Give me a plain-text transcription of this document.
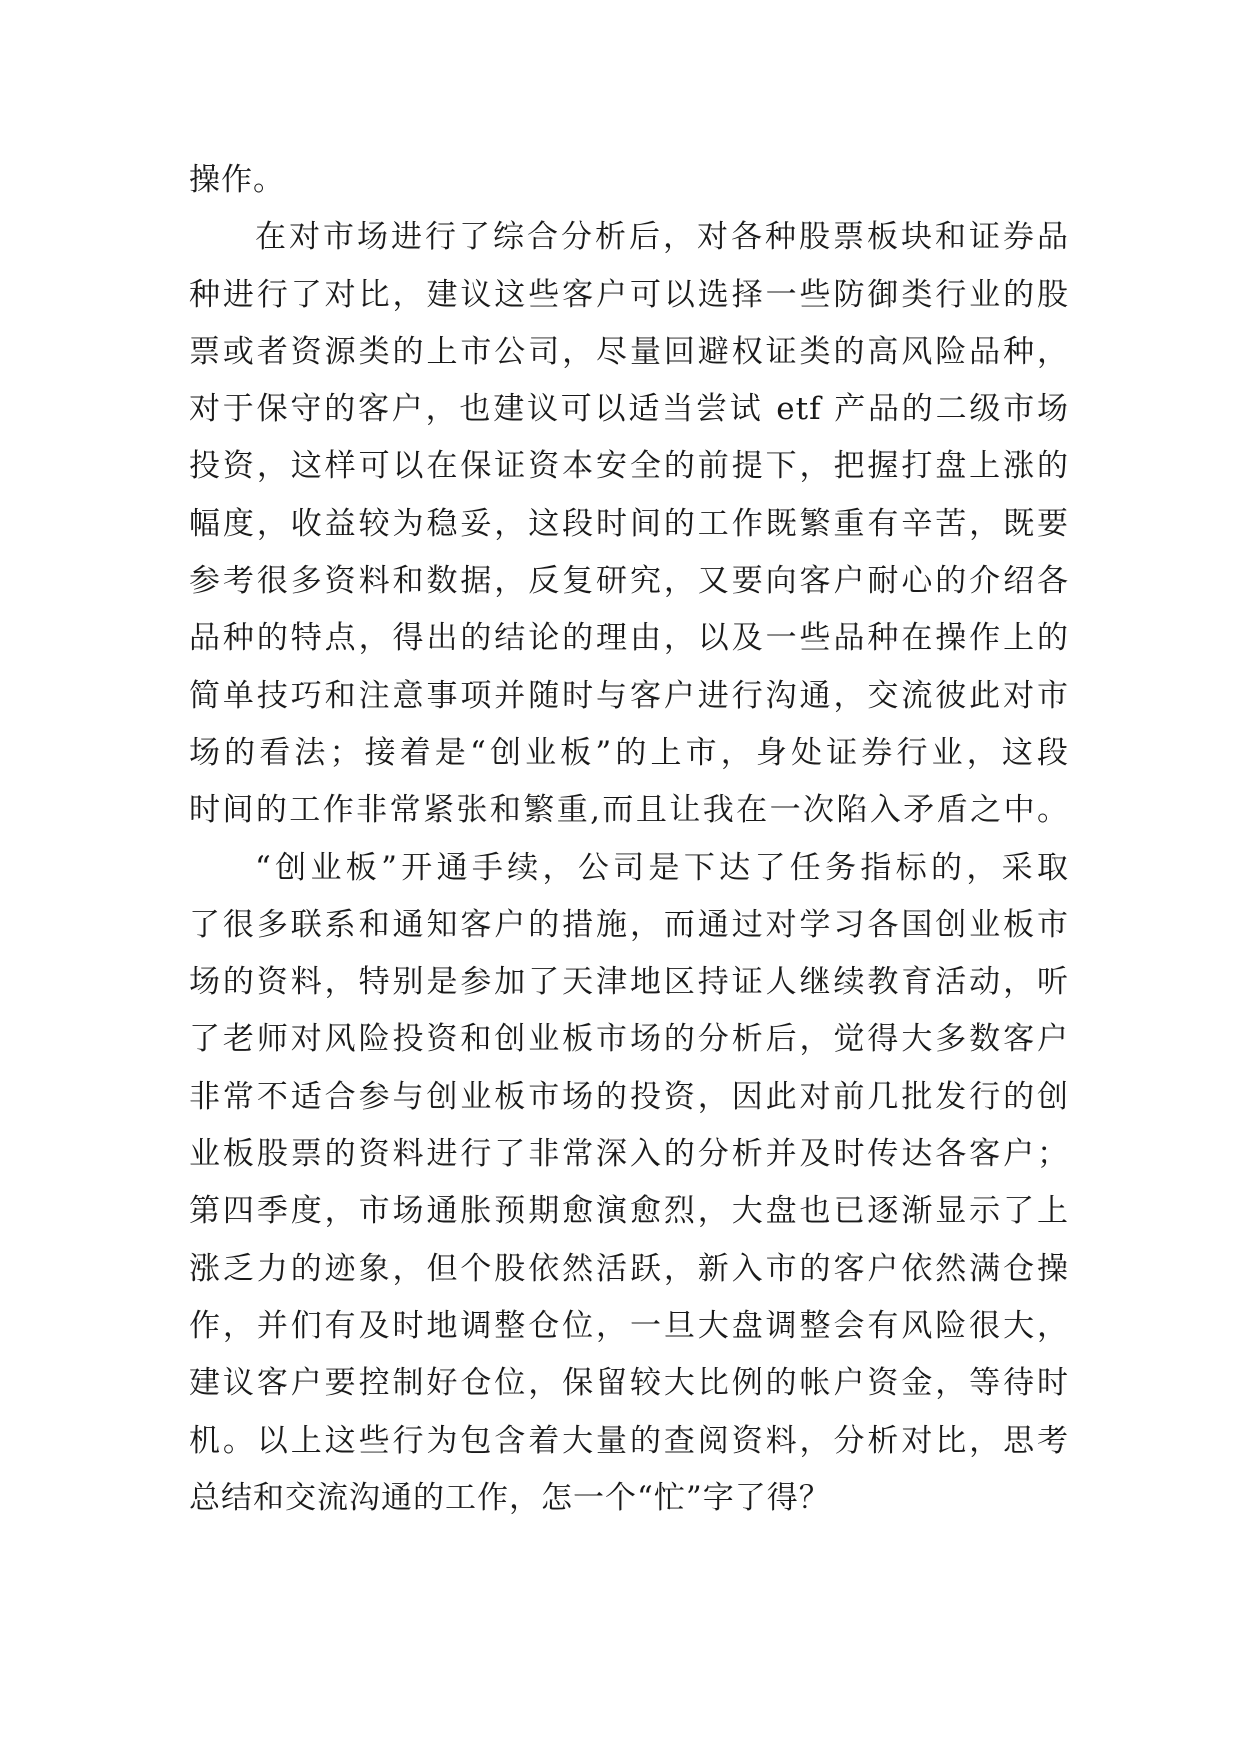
操作。
在对市场进行了综合分析后，对各种股票板块和证券品
种进行了对比，建议这些客户可以选择一些防御类行业的股
票或者资源类的上市公司，尽量回避权证类的高风险品种，
对于保守的客户，也建议可以适当尝试 etf 产品的二级市场
投资，这样可以在保证资本安全的前提下，把握打盘上涨的
幅度，收益较为稳妥，这段时间的工作既繁重有辛苦，既要
参考很多资料和数据，反复研究，又要向客户耐心的介绍各
品种的特点，得出的结论的理由，以及一些品种在操作上的
简单技巧和注意事项并随时与客户进行沟通，交流彼此对市
场的看法；接着是“创业板”的上市，身处证券行业，这段
时间的工作非常紧张和繁重,而且让我在一次陷入矛盾之中。
“创业板”开通手续，公司是下达了任务指标的，采取
了很多联系和通知客户的措施，而通过对学习各国创业板市
场的资料，特别是参加了天津地区持证人继续教育活动，听
了老师对风险投资和创业板市场的分析后，觉得大多数客户
非常不适合参与创业板市场的投资，因此对前几批发行的创
业板股票的资料进行了非常深入的分析并及时传达各客户；
第四季度，市场通胀预期愈演愈烈，大盘也已逐渐显示了上
涨乏力的迹象，但个股依然活跃，新入市的客户依然满仓操
作，并们有及时地调整仓位，一旦大盘调整会有风险很大，
建议客户要控制好仓位，保留较大比例的帐户资金，等待时
机。以上这些行为包含着大量的查阅资料，分析对比，思考
总结和交流沟通的工作，怎一个“忙”字了得？
